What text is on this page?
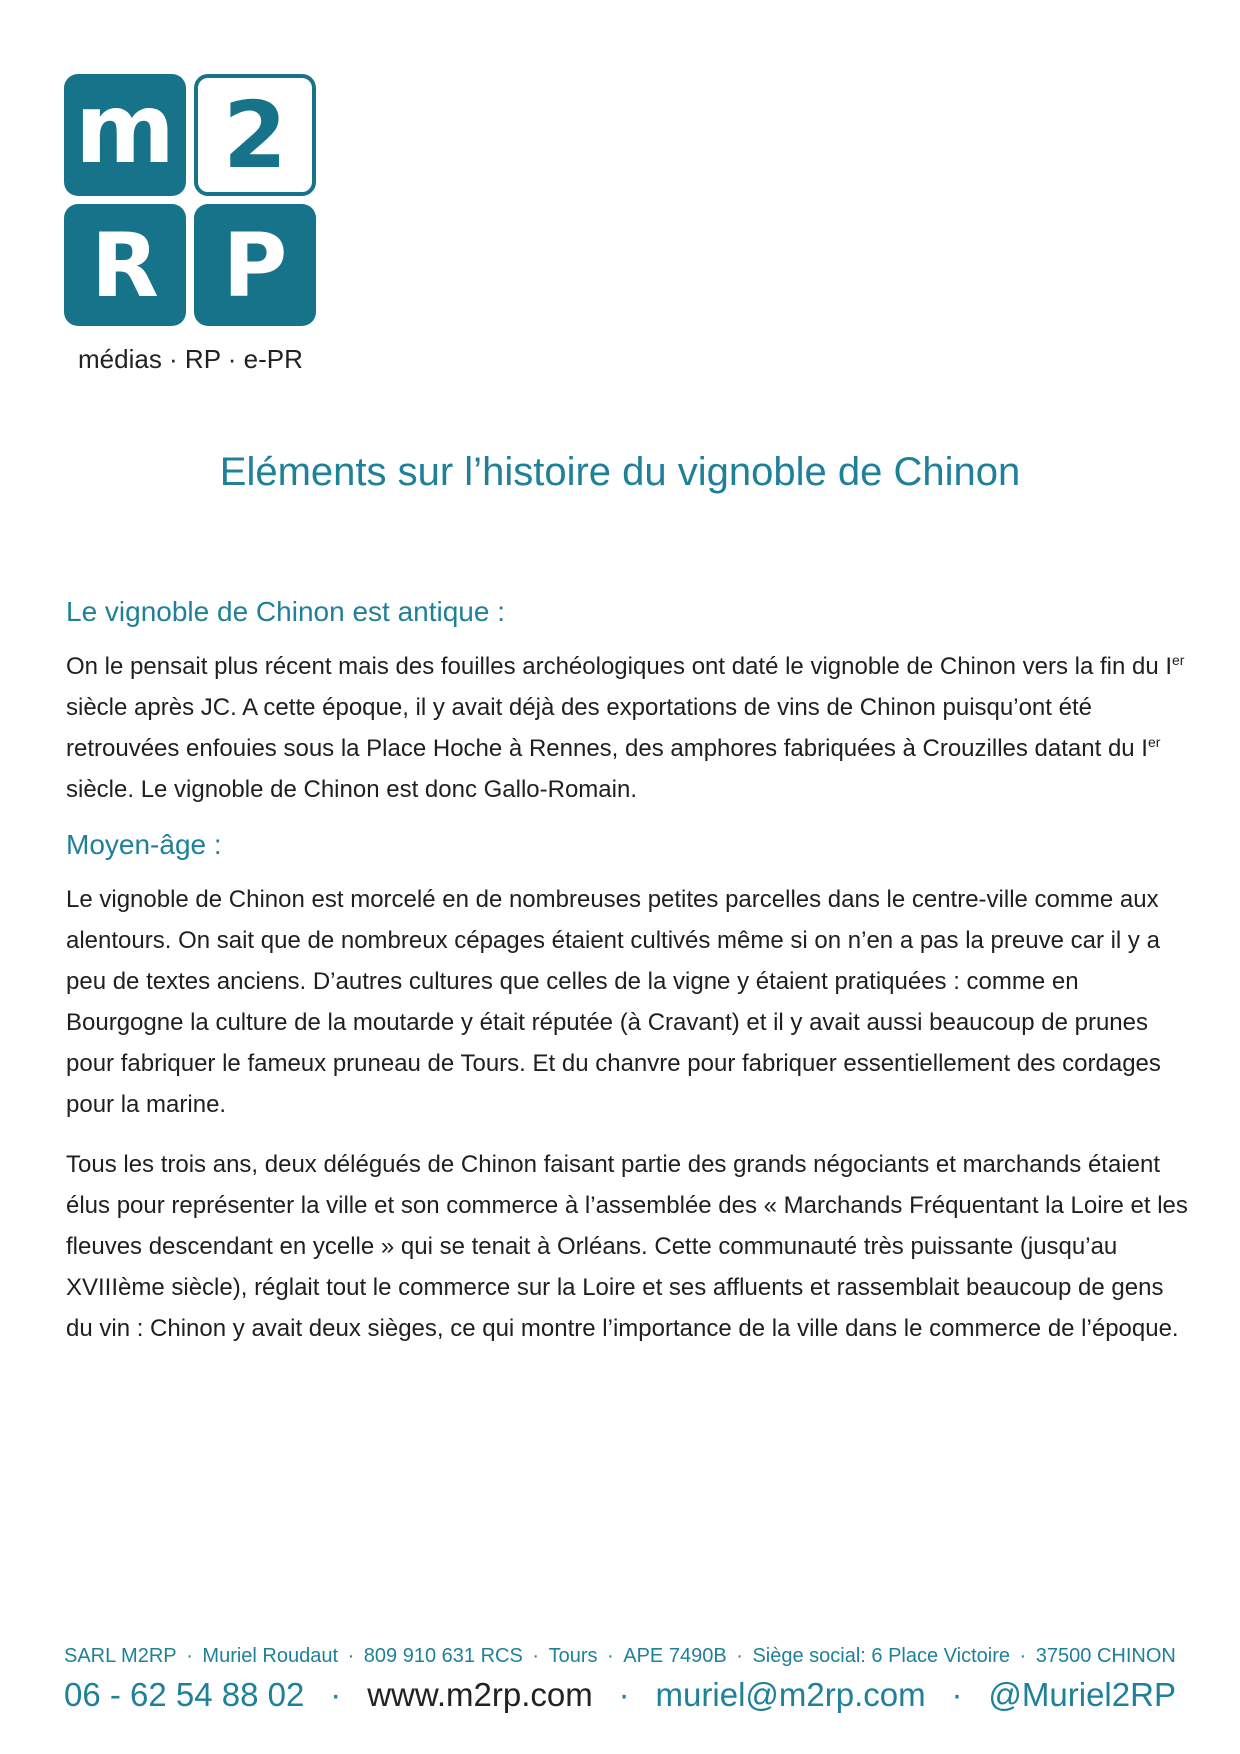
m 2
R P
médias · RP · e-PR
Eléments sur l’histoire du vignoble de Chinon
Le vignoble de Chinon est antique :

On le pensait plus récent mais des fouilles archéologiques ont daté le vignoble de Chinon vers la fin du Ier siècle après JC. A cette époque, il y avait déjà des exportations de vins de Chinon puisqu’ont été retrouvées enfouies sous la Place Hoche à Rennes, des amphores fabriquées à Crouzilles datant du Ier siècle. Le vignoble de Chinon est donc Gallo-Romain.

Moyen-âge :

Le vignoble de Chinon est morcelé en de nombreuses petites parcelles dans le centre-ville comme aux alentours. On sait que de nombreux cépages étaient cultivés même si on n’en a pas la preuve car il y a peu de textes anciens. D’autres cultures que celles de la vigne y étaient pratiquées : comme en Bourgogne la culture de la moutarde y était réputée (à Cravant) et il y avait aussi beaucoup de prunes pour fabriquer le fameux pruneau de Tours. Et du chanvre pour fabriquer essentiellement des cordages pour la marine.

Tous les trois ans, deux délégués de Chinon faisant partie des grands négociants et marchands étaient élus pour représenter la ville et son commerce à l’assemblée des « Marchands Fréquentant la Loire et les fleuves descendant en ycelle » qui se tenait à Orléans. Cette communauté très puissante (jusqu’au XVIIIème siècle), réglait tout le commerce sur la Loire et ses affluents et rassemblait beaucoup de gens du vin : Chinon y avait deux sièges, ce qui montre l’importance de la ville dans le commerce de l’époque.

SARL M2RP · Muriel Roudaut · 809 910 631 RCS · Tours · APE 7490B · Siège social: 6 Place Victoire · 37500 CHINON
06 - 62 54 88 02 · www.m2rp.com · muriel@m2rp.com · @Muriel2RP
